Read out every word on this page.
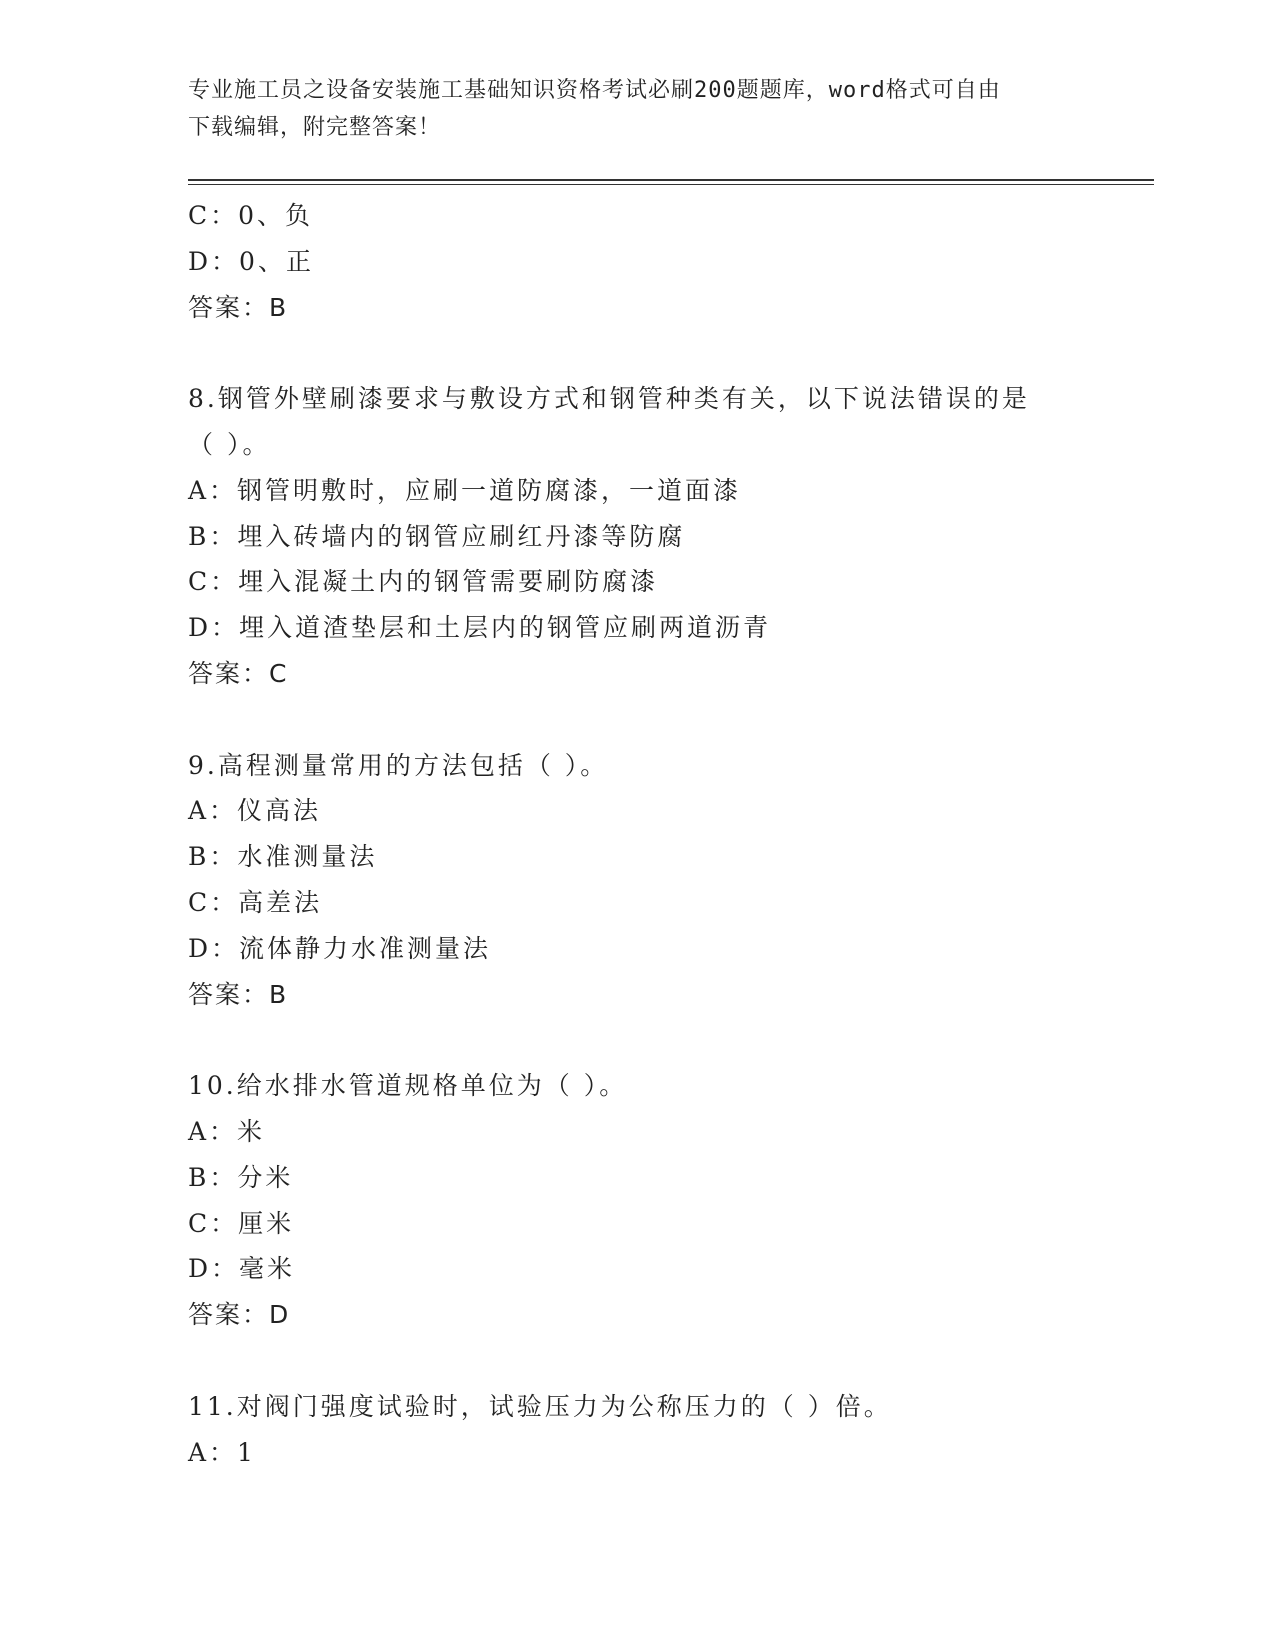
专业施工员之设备安装施工基础知识资格考试必刷200题题库，word格式可自由
下载编辑，附完整答案！
C：0、负
D：0、正
答案：B
8.钢管外壁刷漆要求与敷设方式和钢管种类有关，以下说法错误的是
（ ）。
A：钢管明敷时，应刷一道防腐漆，一道面漆
B：埋入砖墙内的钢管应刷红丹漆等防腐
C：埋入混凝土内的钢管需要刷防腐漆
D：埋入道渣垫层和土层内的钢管应刷两道沥青
答案：C
9.高程测量常用的方法包括（ ）。
A：仪高法
B：水准测量法
C：高差法
D：流体静力水准测量法
答案：B
10.给水排水管道规格单位为（ ）。
A：米
B：分米
C：厘米
D：毫米
答案：D
11.对阀门强度试验时，试验压力为公称压力的（ ）倍。
A：1
